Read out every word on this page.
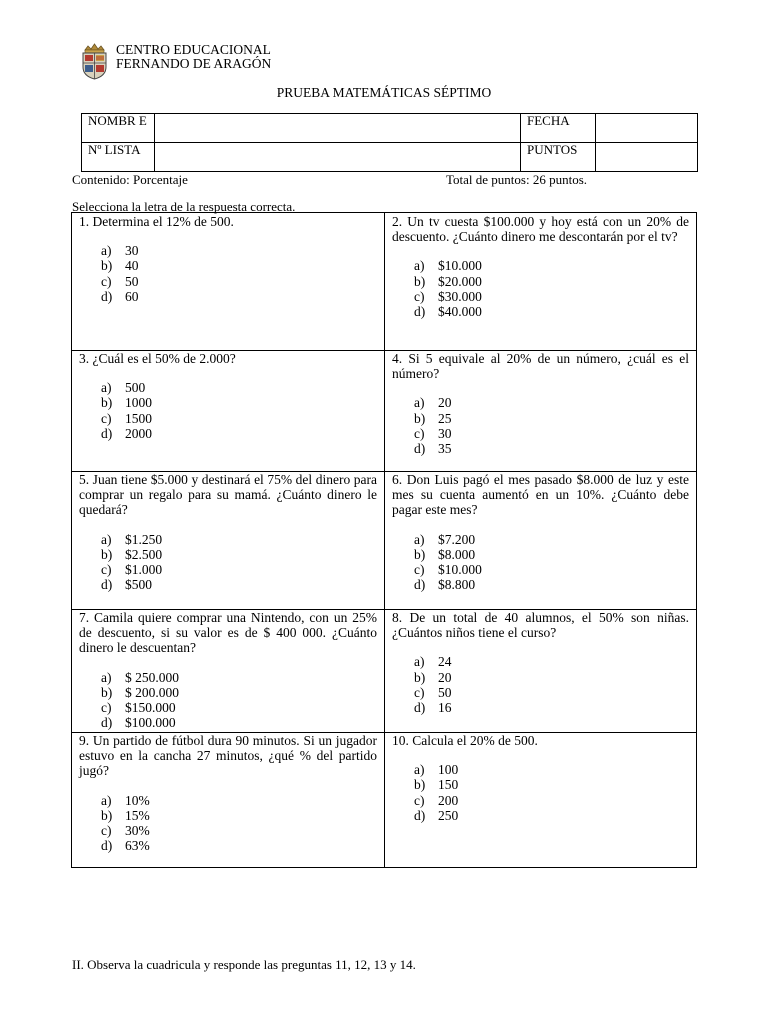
CENTRO EDUCACIONAL
FERNANDO DE ARAGÓN
PRUEBA MATEMÁTICAS SÉPTIMO
NOMBR E		FECHA	
Nº LISTA		PUNTOS	
Contenido: Porcentaje	Total de puntos: 26 puntos.
Selecciona la letra de la respuesta correcta.
1. Determina el 12% de 500.
a) 30
b) 40
c) 50
d) 60
2. Un tv cuesta $100.000 y hoy está con un 20% de descuento. ¿Cuánto dinero me descontarán por el tv?
a) $10.000
b) $20.000
c) $30.000
d) $40.000
3. ¿Cuál es el 50% de 2.000?
a) 500
b) 1000
c) 1500
d) 2000
4. Si 5 equivale al 20% de un número, ¿cuál es el número?
a) 20
b) 25
c) 30
d) 35
5. Juan tiene $5.000 y destinará el 75% del dinero para comprar un regalo para su mamá. ¿Cuánto dinero le quedará?
a) $1.250
b) $2.500
c) $1.000
d) $500
6. Don Luis pagó el mes pasado $8.000 de luz y este mes su cuenta aumentó en un 10%. ¿Cuánto debe pagar este mes?
a) $7.200
b) $8.000
c) $10.000
d) $8.800
7. Camila quiere comprar una Nintendo, con un 25% de descuento, si su valor es de $ 400 000. ¿Cuánto dinero le descuentan?
a) $ 250.000
b) $ 200.000
c) $150.000
d) $100.000
8. De un total de 40 alumnos, el 50% son niñas. ¿Cuántos niños tiene el curso?
a) 24
b) 20
c) 50
d) 16
9. Un partido de fútbol dura 90 minutos. Si un jugador estuvo en la cancha 27 minutos, ¿qué % del partido jugó?
a) 10%
b) 15%
c) 30%
d) 63%
10. Calcula el 20% de 500.
a) 100
b) 150
c) 200
d) 250
II. Observa la cuadricula y responde las preguntas 11, 12, 13 y 14.
